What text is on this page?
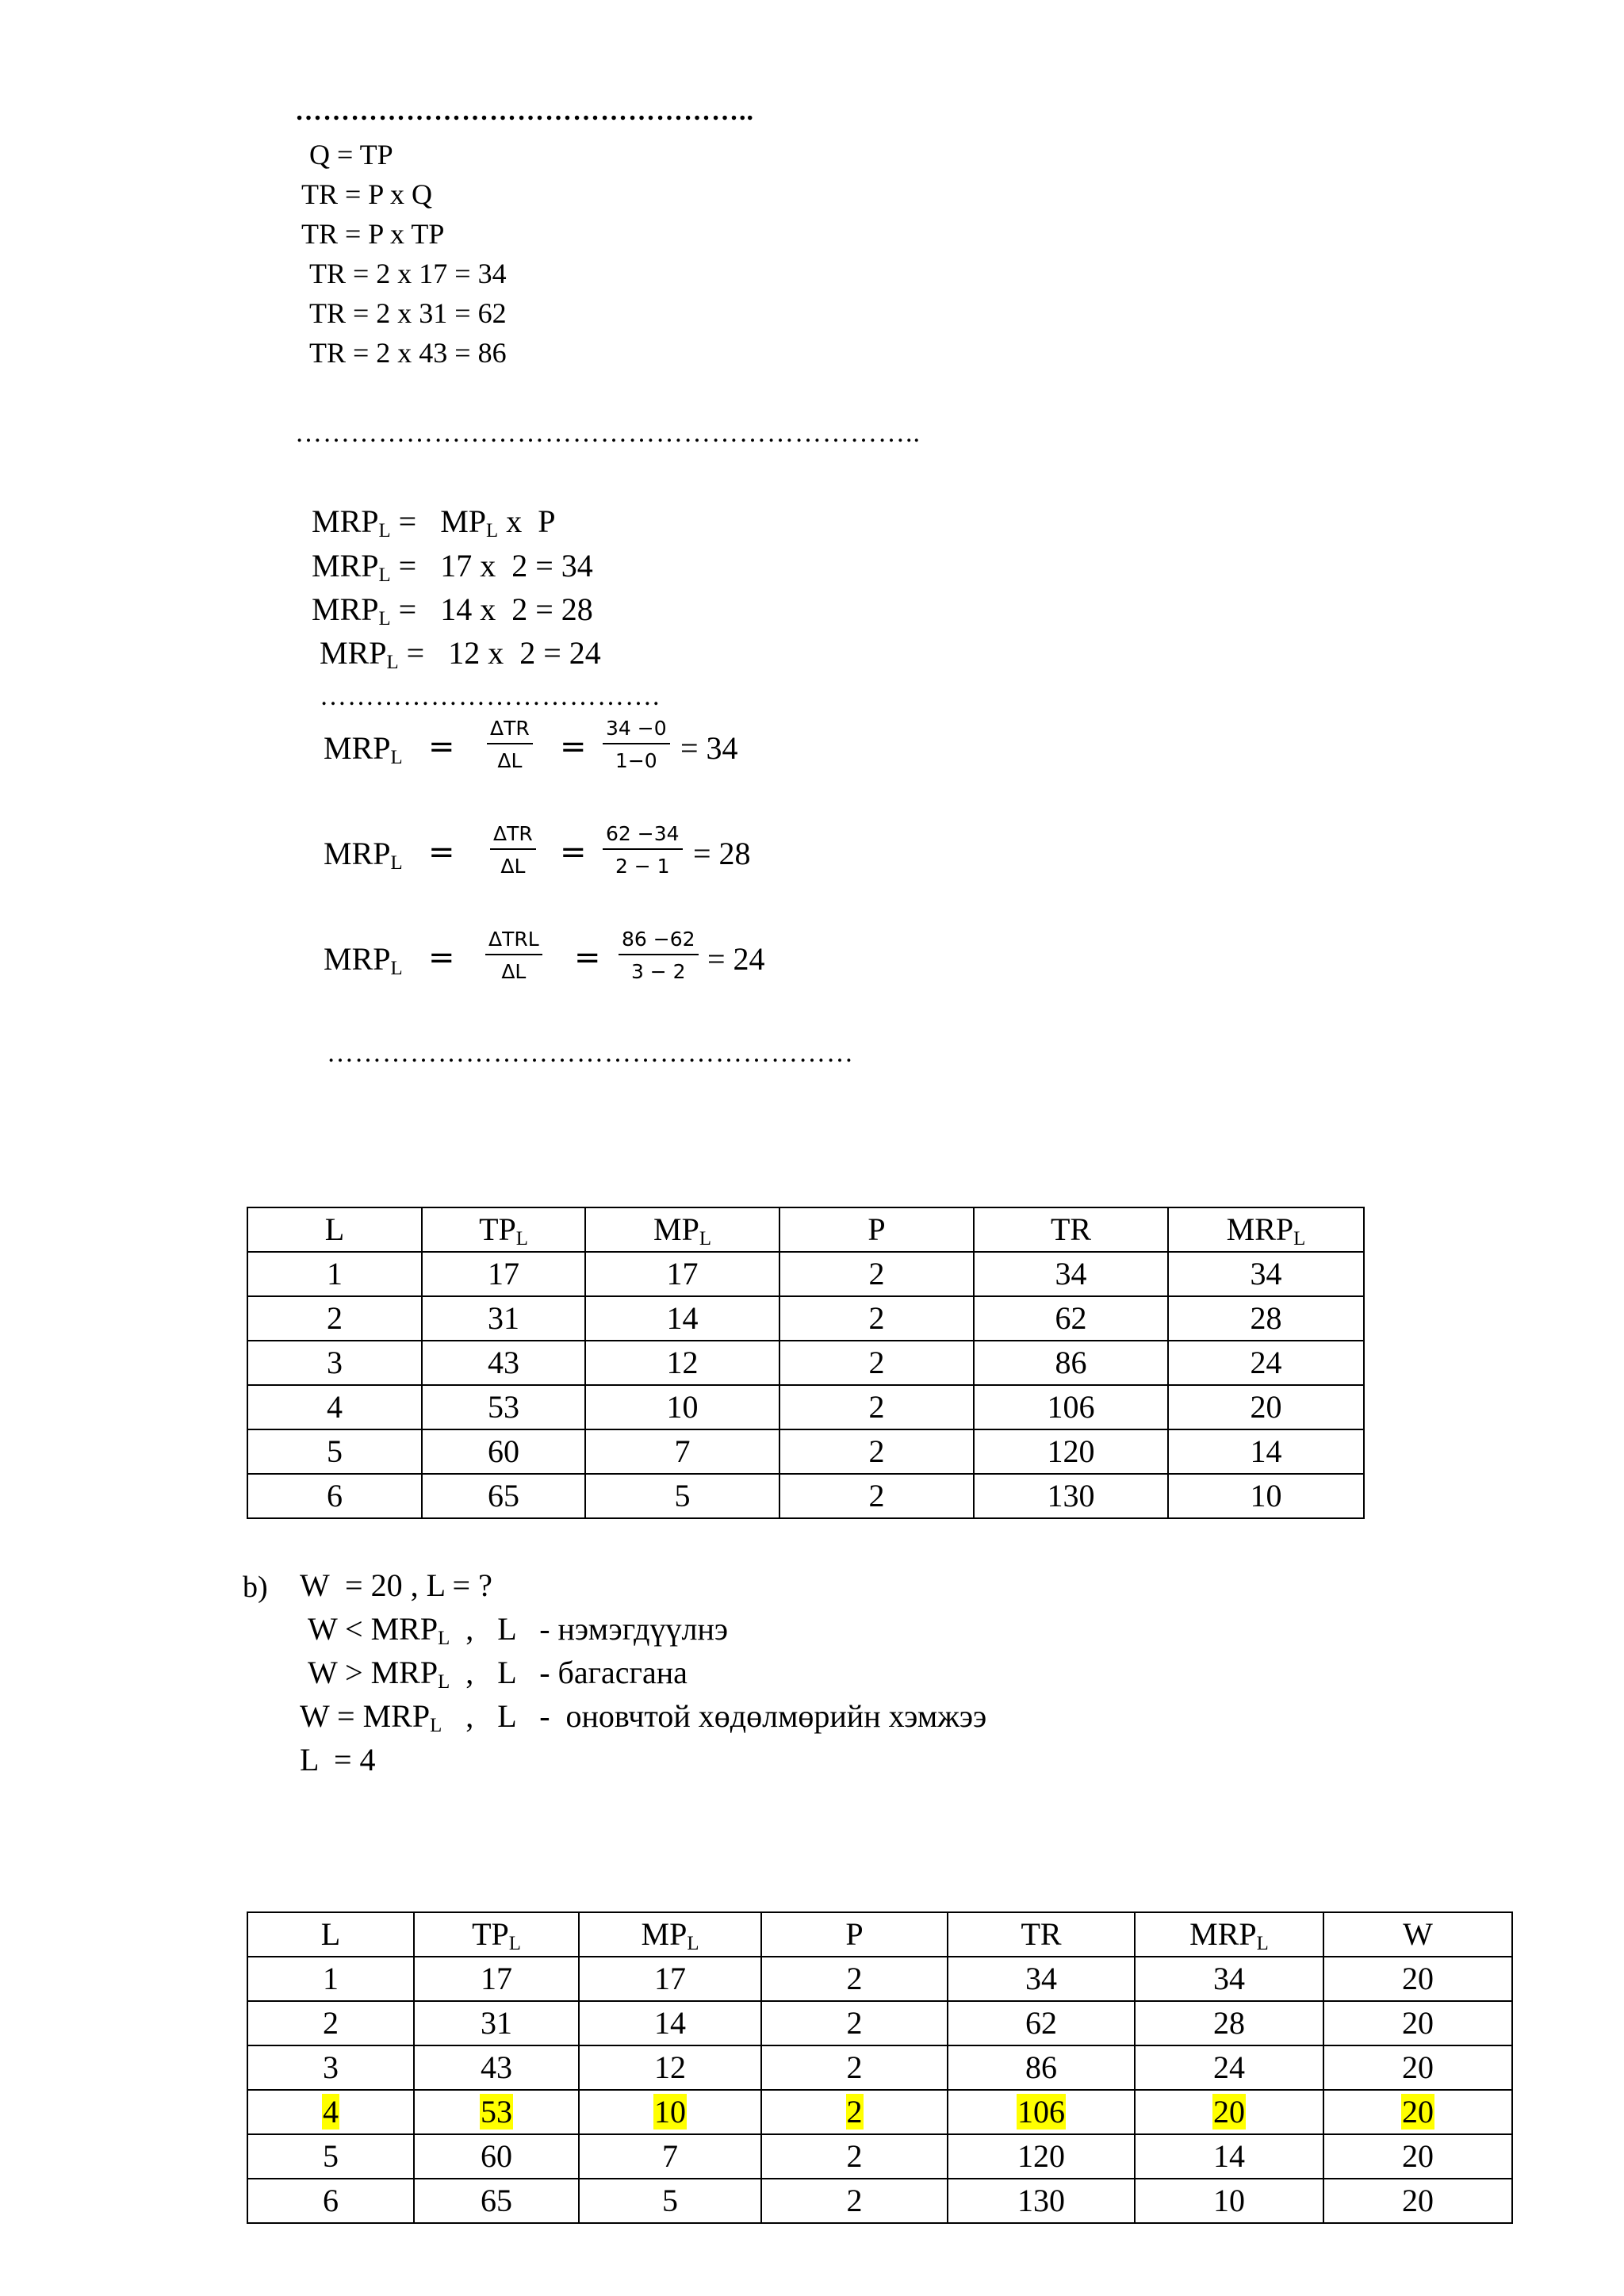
…………………………………………..
Q = TP
TR = P x Q
TR = P x TP
TR = 2 x 17 = 34
TR = 2 x 31 = 62
TR = 2 x 43 = 86
…………………………………………………………..
$MRP_L = MP_L$ x  P
$MRP_L = 17$ x  2 = 34
$MRP_L = 14$ x  2 = 28
$MRP_L = 12$ x  2 = 24
……………………………….
$MRP_L$ =
ΔTR
$\Delta L = \frac{34 -0}{1-0} = 34$
$MRP_L$ =
ΔTR
$\Delta L = \frac{62 -34}{2 - 1} = 28$
$MRP_L$ =
ΔTRL
$\Delta L = \frac{86 -62}{3 - 2} = 24$
…………………………………………………
L	$TP_L$	$MP_L$	P	TR	$MRP_L$
1	17	17	2	34	34
2	31	14	2	62	28
3	43	12	2	86	24
4	53	10	2	106	20
5	60	7	2	120	14
6	65	5	2	130	10
b) W  = 20 , L = ?
$W < MRP_L$  ,   L   - нэмэгдүүлнэ
$W > MRP_L$  ,   L   - багасгана
$W = MRP_L$   ,   L   -  оновчтой хөдөлмөрийн хэмжээ
L  = 4
L	$TP_L$	$MP_L$	P	TR	$MRP_L$	W
1	17	17	2	34	34	20
2	31	14	2	62	28	20
3	43	12	2	86	24	20
4	53	10	2	106	20	20
5	60	7	2	120	14	20
6	65	5	2	130	10	20
